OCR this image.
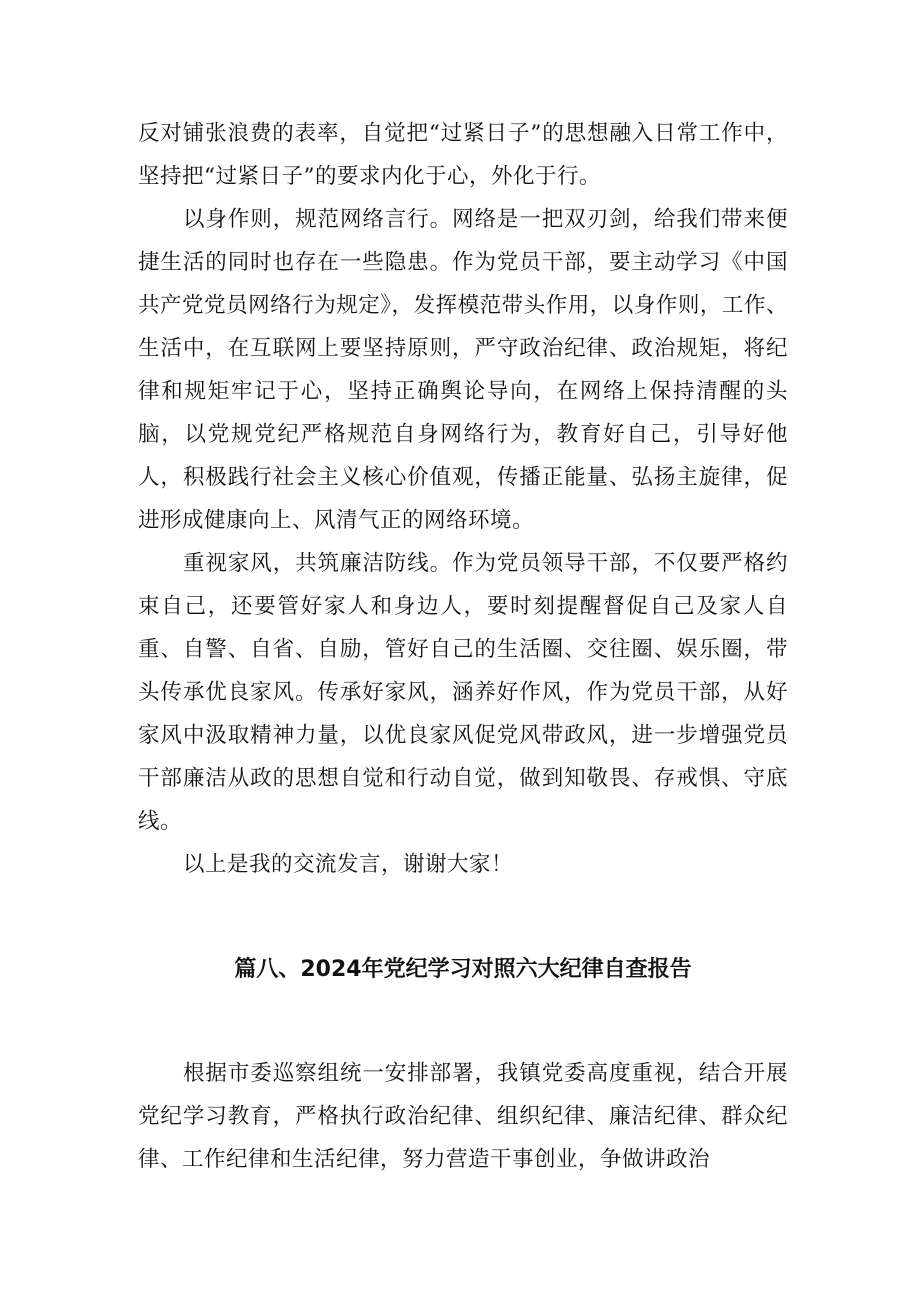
反对铺张浪费的表率，自觉把“过紧日子”的思想融入日常工作中，坚持把“过紧日子”的要求内化于心，外化于行。

以身作则，规范网络言行。网络是一把双刃剑，给我们带来便捷生活的同时也存在一些隐患。作为党员干部，要主动学习《中国共产党党员网络行为规定》，发挥模范带头作用，以身作则，工作、生活中，在互联网上要坚持原则，严守政治纪律、政治规矩，将纪律和规矩牢记于心，坚持正确舆论导向，在网络上保持清醒的头脑，以党规党纪严格规范自身网络行为，教育好自己，引导好他人，积极践行社会主义核心价值观，传播正能量、弘扬主旋律，促进形成健康向上、风清气正的网络环境。

重视家风，共筑廉洁防线。作为党员领导干部，不仅要严格约束自己，还要管好家人和身边人，要时刻提醒督促自己及家人自重、自警、自省、自励，管好自己的生活圈、交往圈、娱乐圈，带头传承优良家风。传承好家风，涵养好作风，作为党员干部，从好家风中汲取精神力量，以优良家风促党风带政风，进一步增强党员干部廉洁从政的思想自觉和行动自觉，做到知敬畏、存戒惧、守底线。

以上是我的交流发言，谢谢大家！

篇八、2024年党纪学习对照六大纪律自查报告

根据市委巡察组统一安排部署，我镇党委高度重视，结合开展党纪学习教育，严格执行政治纪律、组织纪律、廉洁纪律、群众纪律、工作纪律和生活纪律，努力营造干事创业，争做讲政治
